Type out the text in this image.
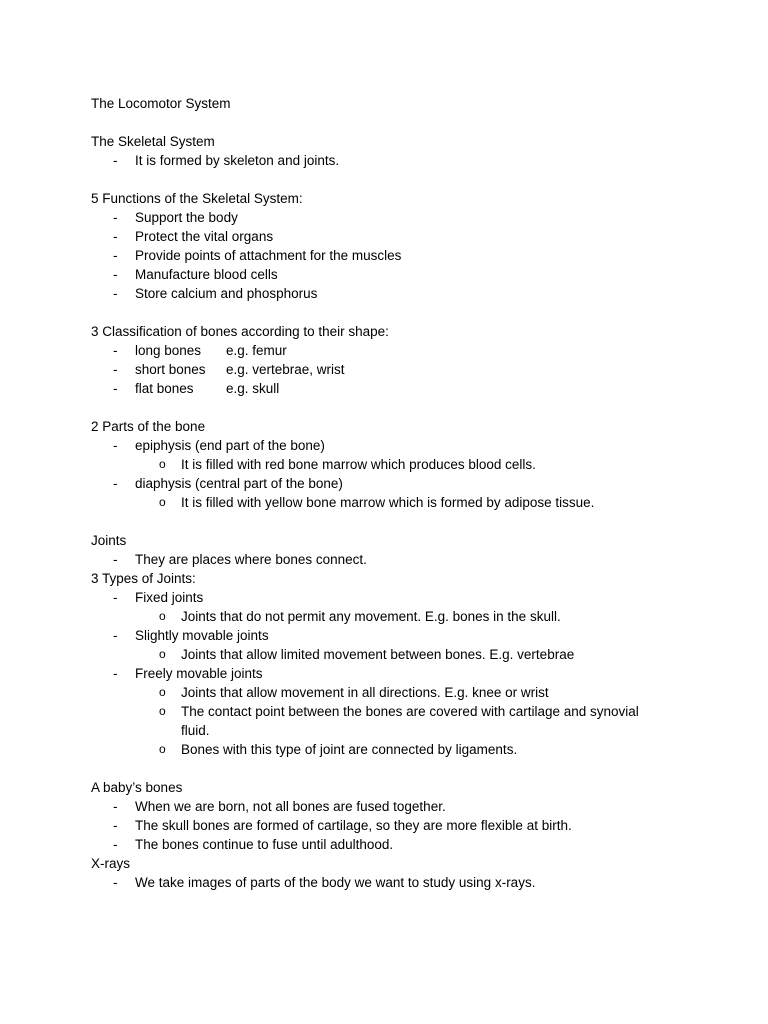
The Locomotor System
The Skeletal System
-	It is formed by skeleton and joints.
5 Functions of the Skeletal System:
-	Support the body
-	Protect the vital organs
-	Provide points of attachment for the muscles
-	Manufacture blood cells
-	Store calcium and phosphorus
3 Classification of bones according to their shape:
-	long bones e.g. femur
-	short bones e.g. vertebrae, wrist
-	flat bones e.g. skull
2 Parts of the bone
-	epiphysis (end part of the bone)
o	It is filled with red bone marrow which produces blood cells.
-	diaphysis (central part of the bone)
o	It is filled with yellow bone marrow which is formed by adipose tissue.
Joints
-	They are places where bones connect.
3 Types of Joints:
-	Fixed joints
o	Joints that do not permit any movement. E.g. bones in the skull.
-	Slightly movable joints
o	Joints that allow limited movement between bones. E.g. vertebrae
-	Freely movable joints
o	Joints that allow movement in all directions. E.g. knee or wrist
o	The contact point between the bones are covered with cartilage and synovial fluid.
o	Bones with this type of joint are connected by ligaments.
A baby’s bones
-	When we are born, not all bones are fused together.
-	The skull bones are formed of cartilage, so they are more flexible at birth.
-	The bones continue to fuse until adulthood.
X-rays
-	We take images of parts of the body we want to study using x-rays.
